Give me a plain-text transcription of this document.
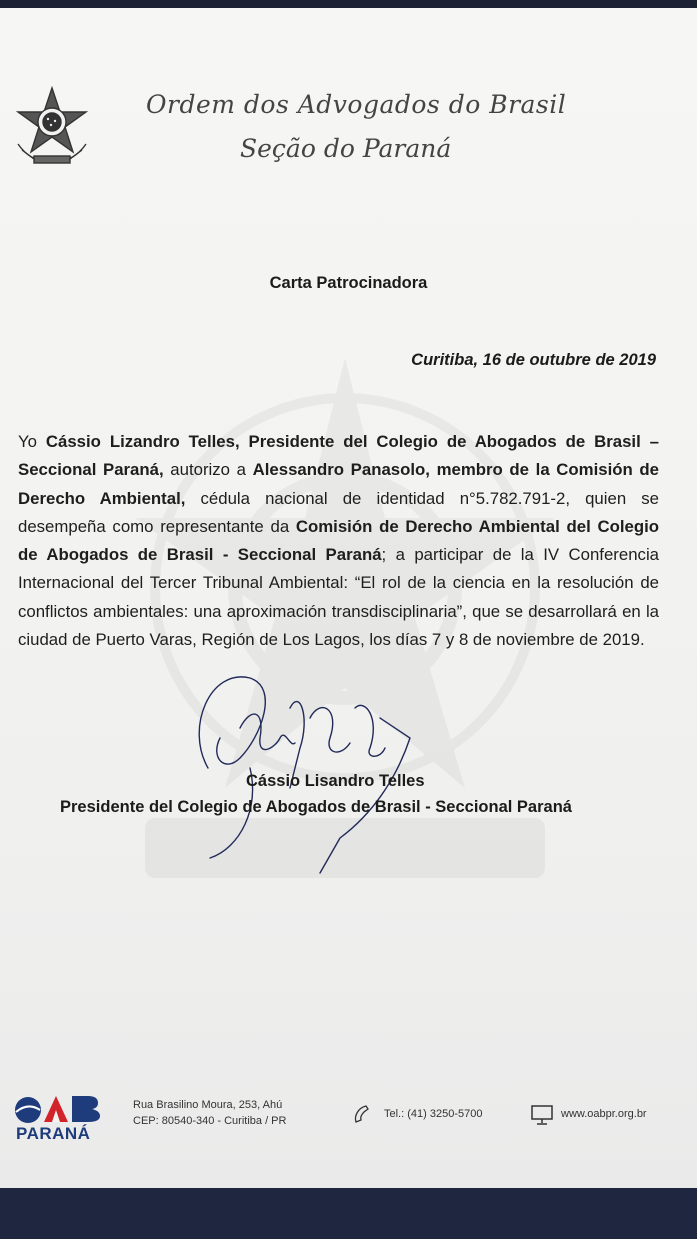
Ordem dos Advogados do Brasil
Seção do Paraná
Carta Patrocinadora
Curitiba, 16 de outubre de 2019
Yo Cássio Lizandro Telles, Presidente del Colegio de Abogados de Brasil – Seccional Paraná, autorizo a Alessandro Panasolo, membro de la Comisión de Derecho Ambiental, cédula nacional de identidad n°5.782.791-2, quien se desempeña como representante da Comisión de Derecho Ambiental del Colegio de Abogados de Brasil - Seccional Paraná; a participar de la IV Conferencia Internacional del Tercer Tribunal Ambiental: “El rol de la ciencia en la resolución de conflictos ambientales: una aproximación transdisciplinaria”, que se desarrollará en la ciudad de Puerto Varas, Región de Los Lagos, los días 7 y 8 de noviembre de 2019.
Cássio Lisandro Telles
Presidente del Colegio de Abogados de Brasil - Seccional Paraná
PARANÁ
Rua Brasilino Moura, 253, Ahú
CEP: 80540-340 - Curitiba / PR
Tel.: (41) 3250-5700	www.oabpr.org.br
